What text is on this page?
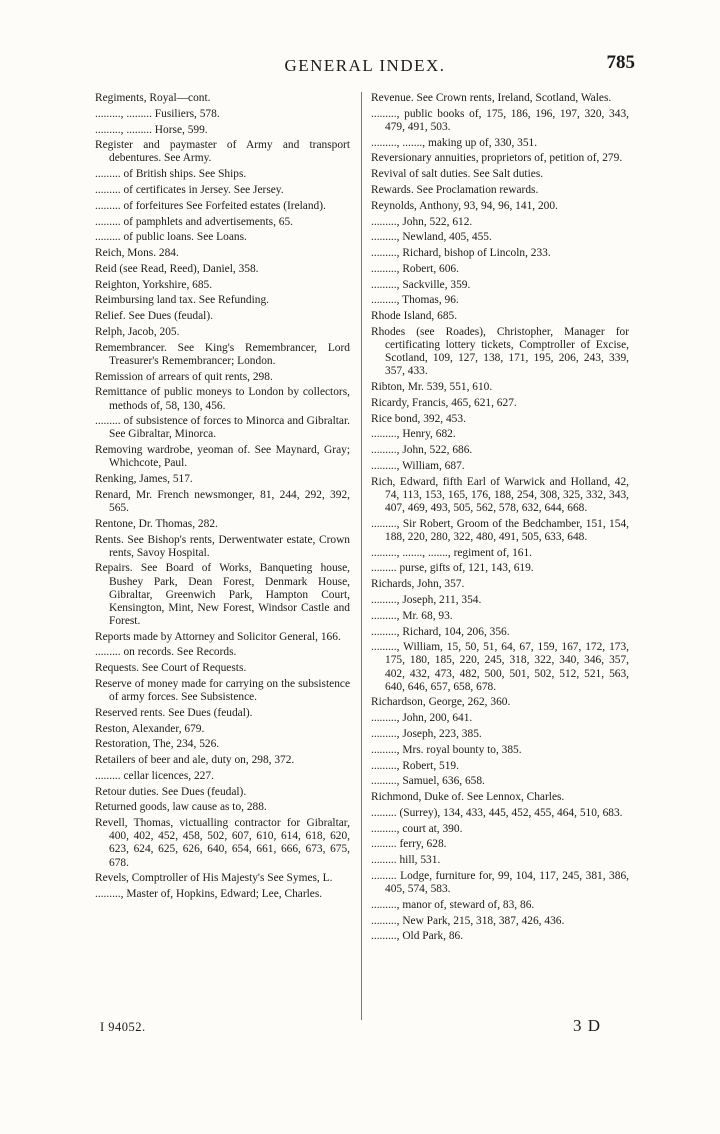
GENERAL INDEX.	785

Regiments, Royal—cont.

........., ......... Fusiliers, 578.

........., ......... Horse, 599.

Register and paymaster of Army and transport debentures. See Army.

......... of British ships. See Ships.

......... of certificates in Jersey. See Jersey.

......... of forfeitures See Forfeited estates (Ireland).

......... of pamphlets and advertisements, 65.

......... of public loans. See Loans.

Reich, Mons. 284.

Reid (see Read, Reed), Daniel, 358.

Reighton, Yorkshire, 685.

Reimbursing land tax. See Refunding.

Relief. See Dues (feudal).

Relph, Jacob, 205.

Remembrancer. See King's Remembrancer, Lord Treasurer's Remembrancer; London.

Remission of arrears of quit rents, 298.

Remittance of public moneys to London by collectors, methods of, 58, 130, 456.

......... of subsistence of forces to Minorca and Gibraltar. See Gibraltar, Minorca.

Removing wardrobe, yeoman of. See Maynard, Gray; Whichcote, Paul.

Renking, James, 517.

Renard, Mr. French newsmonger, 81, 244, 292, 392, 565.

Rentone, Dr. Thomas, 282.

Rents. See Bishop's rents, Derwentwater estate, Crown rents, Savoy Hospital.

Repairs. See Board of Works, Banqueting house, Bushey Park, Dean Forest, Denmark House, Gibraltar, Greenwich Park, Hampton Court, Kensington, Mint, New Forest, Windsor Castle and Forest.

Reports made by Attorney and Solicitor General, 166.

......... on records. See Records.

Requests. See Court of Requests.

Reserve of money made for carrying on the subsistence of army forces. See Subsistence.

Reserved rents. See Dues (feudal).

Reston, Alexander, 679.

Restoration, The, 234, 526.

Retailers of beer and ale, duty on, 298, 372.

......... cellar licences, 227.

Retour duties. See Dues (feudal).

Returned goods, law cause as to, 288.

Revell, Thomas, victualling contractor for Gibraltar, 400, 402, 452, 458, 502, 607, 610, 614, 618, 620, 623, 624, 625, 626, 640, 654, 661, 666, 673, 675, 678.

Revels, Comptroller of His Majesty's See Symes, L.

........., Master of, Hopkins, Edward; Lee, Charles.

Revenue. See Crown rents, Ireland, Scotland, Wales.

........., public books of, 175, 186, 196, 197, 320, 343, 479, 491, 503.

........., ......., making up of, 330, 351.

Reversionary annuities, proprietors of, petition of, 279.

Revival of salt duties. See Salt duties.

Rewards. See Proclamation rewards.

Reynolds, Anthony, 93, 94, 96, 141, 200.

........., John, 522, 612.

........., Newland, 405, 455.

........., Richard, bishop of Lincoln, 233.

........., Robert, 606.

........., Sackville, 359.

........., Thomas, 96.

Rhode Island, 685.

Rhodes (see Roades), Christopher, Manager for certificating lottery tickets, Comptroller of Excise, Scotland, 109, 127, 138, 171, 195, 206, 243, 339, 357, 433.

Ribton, Mr. 539, 551, 610.

Ricardy, Francis, 465, 621, 627.

Rice bond, 392, 453.

........., Henry, 682.

........., John, 522, 686.

........., William, 687.

Rich, Edward, fifth Earl of Warwick and Holland, 42, 74, 113, 153, 165, 176, 188, 254, 308, 325, 332, 343, 407, 469, 493, 505, 562, 578, 632, 644, 668.

........., Sir Robert, Groom of the Bedchamber, 151, 154, 188, 220, 280, 322, 480, 491, 505, 633, 648.

........., ......., ......., regiment of, 161.

......... purse, gifts of, 121, 143, 619.

Richards, John, 357.

........., Joseph, 211, 354.

........., Mr. 68, 93.

........., Richard, 104, 206, 356.

........., William, 15, 50, 51, 64, 67, 159, 167, 172, 173, 175, 180, 185, 220, 245, 318, 322, 340, 346, 357, 402, 432, 473, 482, 500, 501, 502, 512, 521, 563, 640, 646, 657, 658, 678.

Richardson, George, 262, 360.

........., John, 200, 641.

........., Joseph, 223, 385.

........., Mrs. royal bounty to, 385.

........., Robert, 519.

........., Samuel, 636, 658.

Richmond, Duke of. See Lennox, Charles.

......... (Surrey), 134, 433, 445, 452, 455, 464, 510, 683.

........., court at, 390.

......... ferry, 628.

......... hill, 531.

......... Lodge, furniture for, 99, 104, 117, 245, 381, 386, 405, 574, 583.

........., manor of, steward of, 83, 86.

........., New Park, 215, 318, 387, 426, 436.

........., Old Park, 86.

I 94052.	3 D
